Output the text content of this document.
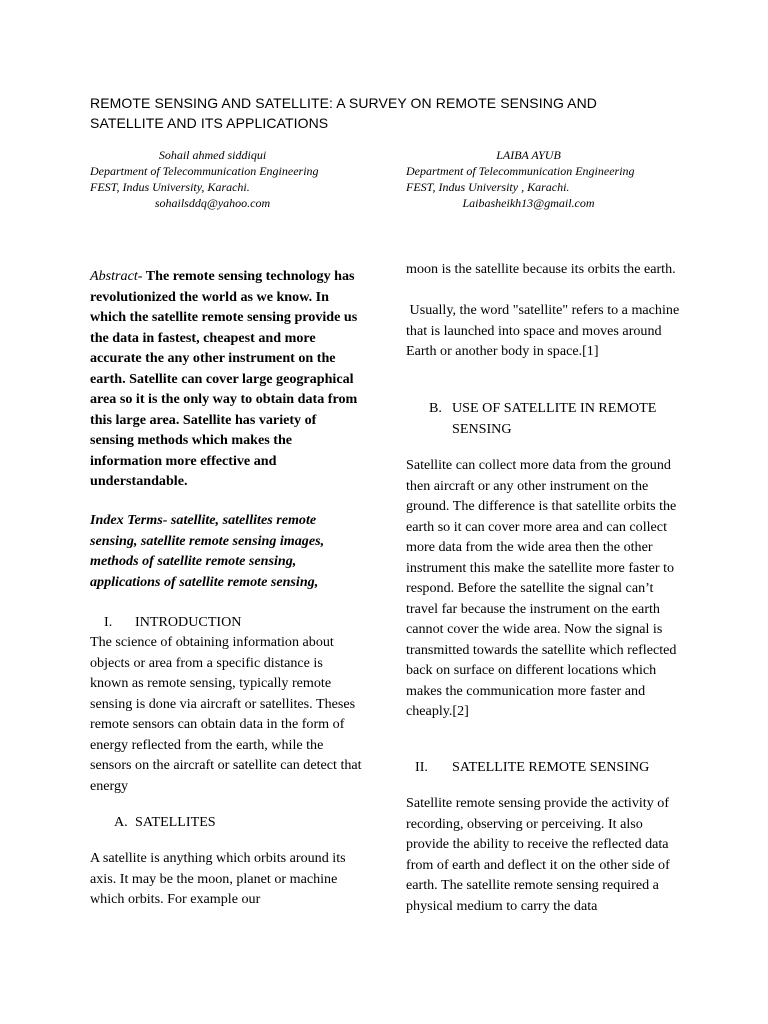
REMOTE SENSING AND SATELLITE: A SURVEY ON REMOTE SENSING AND
SATELLITE AND ITS APPLICATIONS
Sohail ahmed siddiqui
Department of Telecommunication Engineering
FEST, Indus University, Karachi.
sohailsddq@yahoo.com
LAIBA AYUB
Department of Telecommunication Engineering
FEST, Indus University , Karachi.
Laibasheikh13@gmail.com

Abstract- The remote sensing technology has revolutionized the world as we know. In which the satellite remote sensing provide us the data in fastest, cheapest and more accurate the any other instrument on the earth. Satellite can cover large geographical area so it is the only way to obtain data from this large area. Satellite has variety of sensing methods which makes the information more effective and understandable.

Index Terms- satellite, satellites remote sensing, satellite remote sensing images, methods of satellite remote sensing, applications of satellite remote sensing,

I. INTRODUCTION

The science of obtaining information about objects or area from a specific distance is known as remote sensing, typically remote sensing is done via aircraft or satellites. Theses remote sensors can obtain data in the form of energy reflected from the earth, while the sensors on the aircraft or satellite can detect that energy

A. SATELLITES

A satellite is anything which orbits around its axis. It may be the moon, planet or machine which orbits. For example our

moon is the satellite because its orbits the earth.

Usually, the word "satellite" refers to a machine that is launched into space and moves around Earth or another body in space.[1]

B. USE OF SATELLITE IN REMOTE
SENSING

Satellite can collect more data from the ground then aircraft or any other instrument on the ground. The difference is that satellite orbits the earth so it can cover more area and can collect more data from the wide area then the other instrument this make the satellite more faster to respond. Before the satellite the signal can’t travel far because the instrument on the earth cannot cover the wide area. Now the signal is transmitted towards the satellite which reflected back on surface on different locations which makes the communication more faster and cheaply.[2]

II. SATELLITE REMOTE SENSING

Satellite remote sensing provide the activity of recording, observing or perceiving. It also provide the ability to receive the reflected data from of earth and deflect it on the other side of earth. The satellite remote sensing required a physical medium to carry the data
